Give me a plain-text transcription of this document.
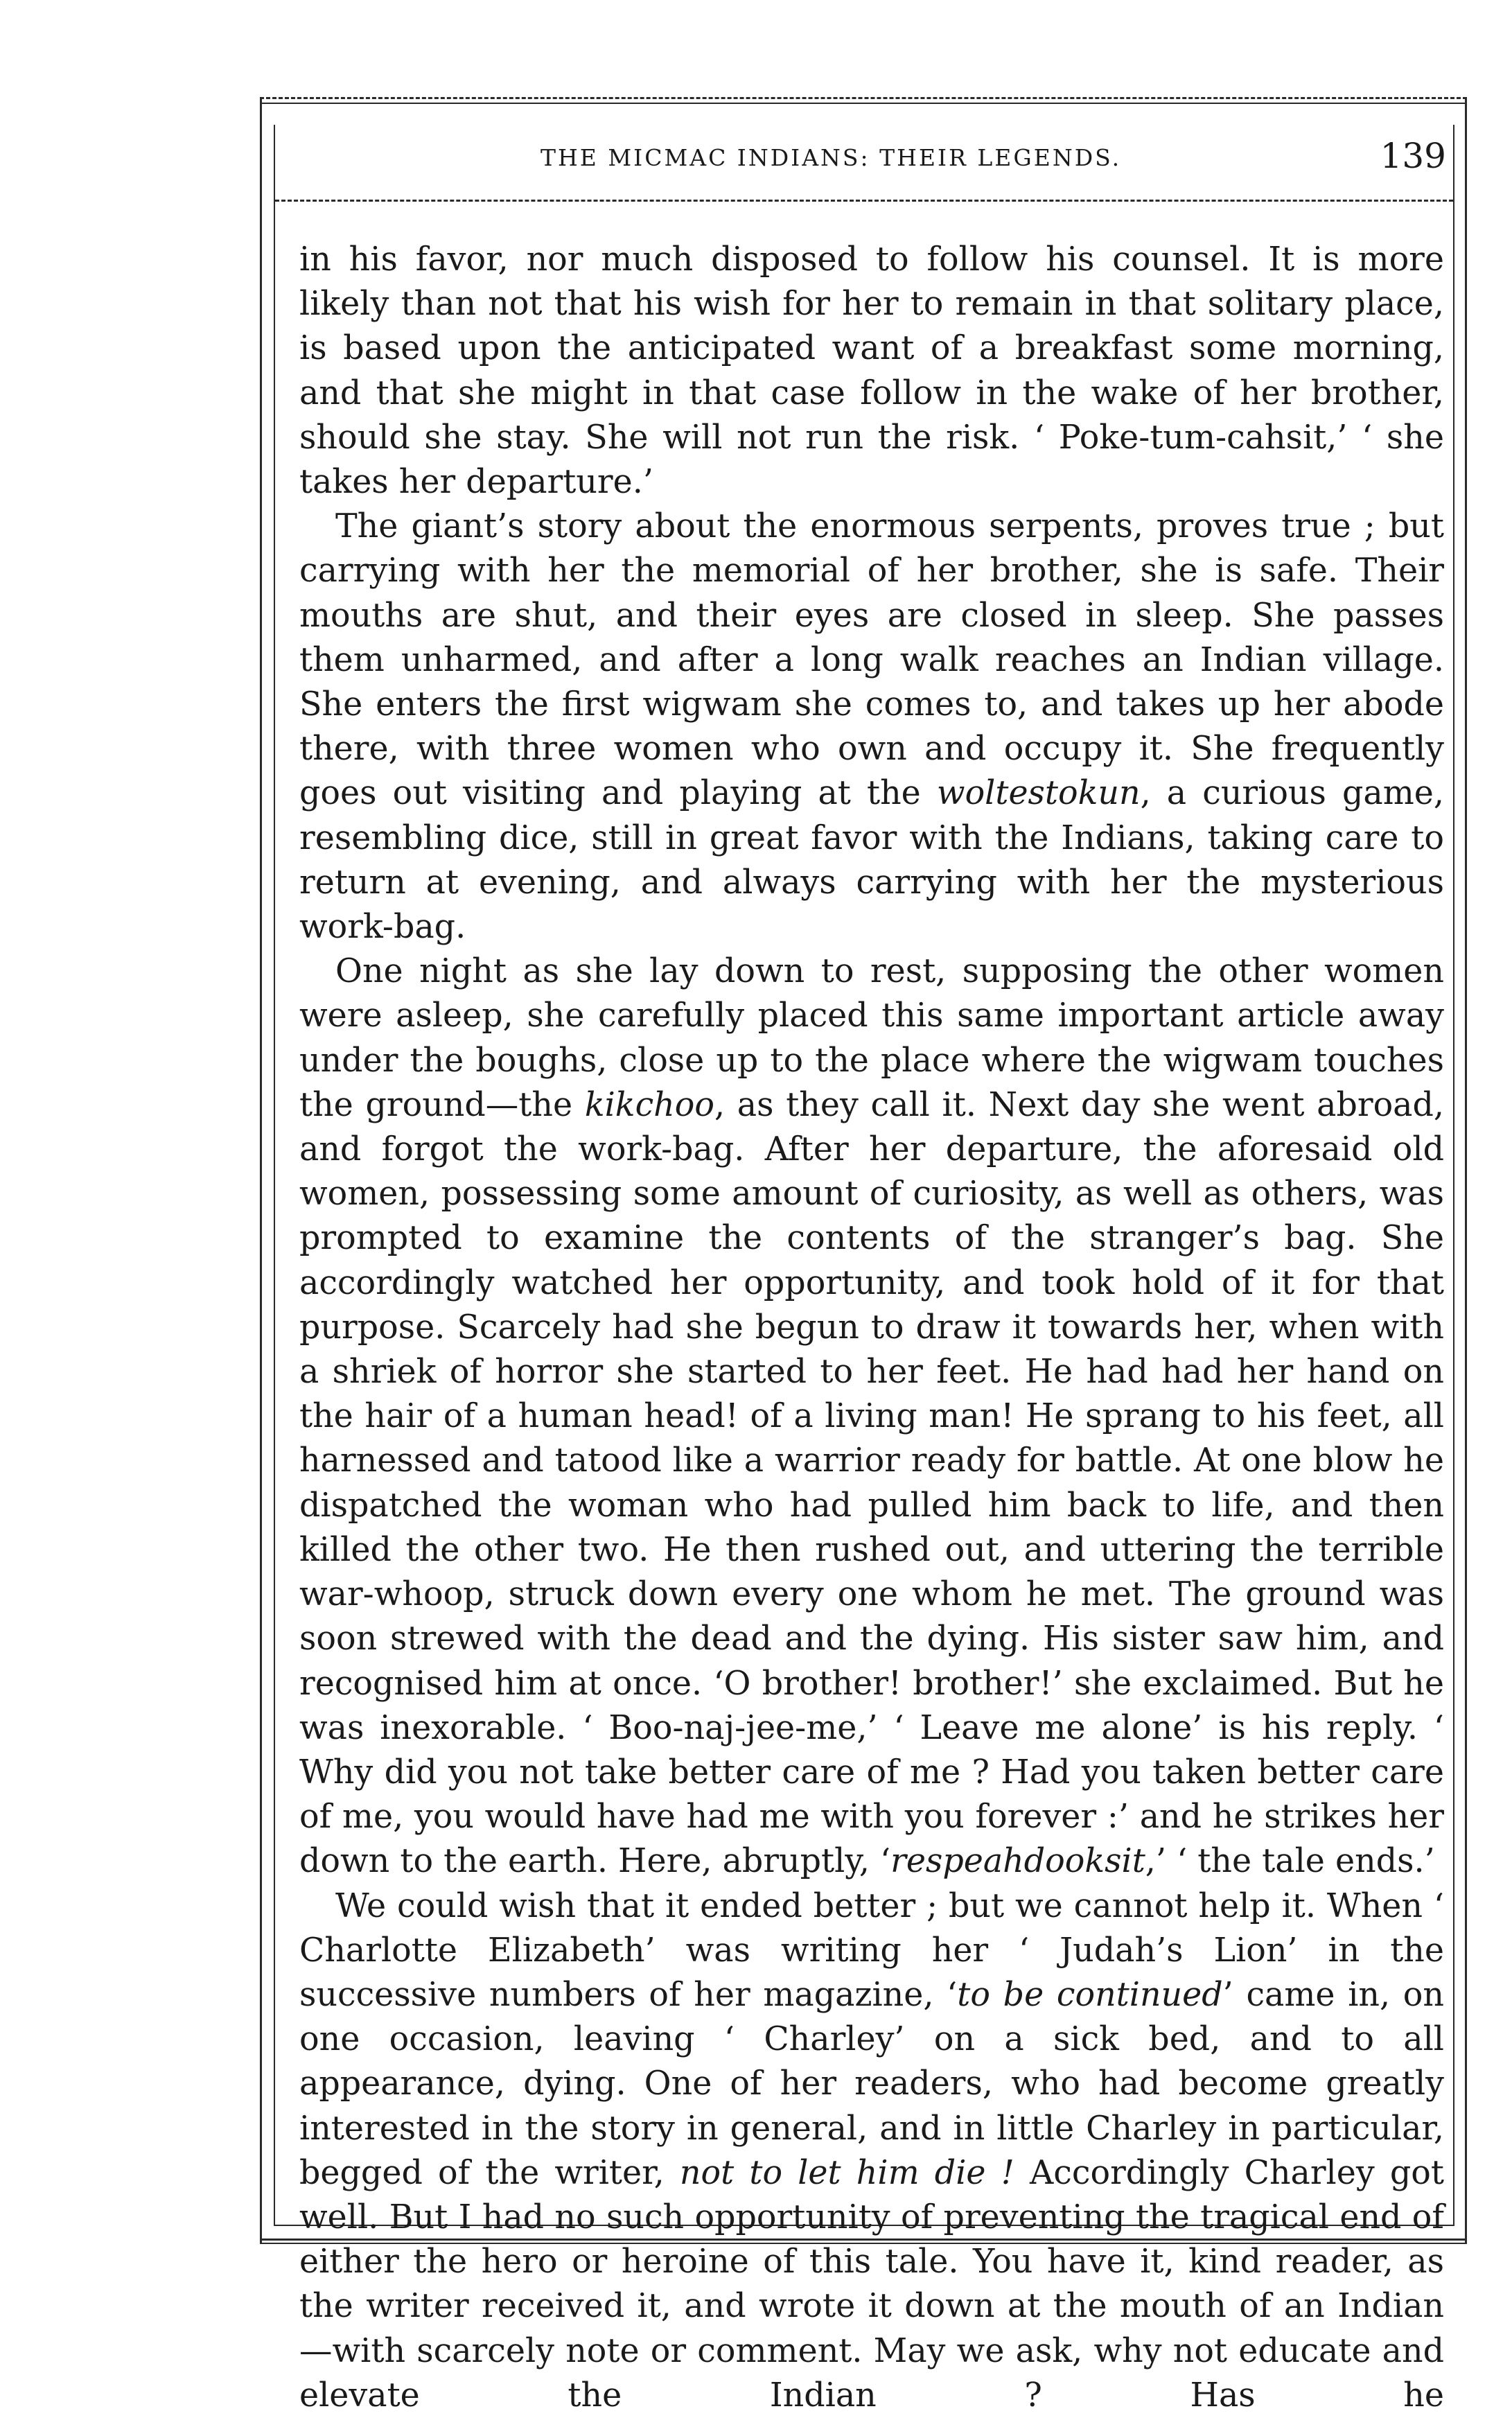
THE MICMAC INDIANS: THEIR LEGENDS.	139

in his favor, nor much disposed to follow his counsel. It is more likely than not that his wish for her to remain in that solitary place, is based upon the anticipated want of a breakfast some morning, and that she might in that case follow in the wake of her brother, should she stay. She will not run the risk. ‘ Poke-tum-cahsit,’ ‘ she takes her departure.’

The giant’s story about the enormous serpents, proves true ; but carrying with her the memorial of her brother, she is safe. Their mouths are shut, and their eyes are closed in sleep. She passes them unharmed, and after a long walk reaches an Indian village. She enters the first wigwam she comes to, and takes up her abode there, with three women who own and occupy it. She frequently goes out visiting and playing at the woltestokun, a curious game, resembling dice, still in great favor with the Indians, taking care to return at evening, and always carrying with her the mysterious work-bag.

One night as she lay down to rest, supposing the other women were asleep, she carefully placed this same important article away under the boughs, close up to the place where the wigwam touches the ground—the kikchoo, as they call it. Next day she went abroad, and forgot the work-bag. After her departure, the aforesaid old women, possessing some amount of curiosity, as well as others, was prompted to examine the contents of the stranger’s bag. She accordingly watched her opportunity, and took hold of it for that purpose. Scarcely had she begun to draw it towards her, when with a shriek of horror she started to her feet. He had had her hand on the hair of a human head! of a living man! He sprang to his feet, all harnessed and tatood like a warrior ready for battle. At one blow he dispatched the woman who had pulled him back to life, and then killed the other two. He then rushed out, and uttering the terrible war-whoop, struck down every one whom he met. The ground was soon strewed with the dead and the dying. His sister saw him, and recognised him at once. ‘O brother! brother!’ she exclaimed. But he was inexorable. ‘ Boo-naj-jee-me,’ ‘ Leave me alone’ is his reply. ‘ Why did you not take better care of me ? Had you taken better care of me, you would have had me with you forever :’ and he strikes her down to the earth. Here, abruptly, ‘respeahdooksit,’ ‘ the tale ends.’

We could wish that it ended better ; but we cannot help it. When ‘ Charlotte Elizabeth’ was writing her ‘ Judah’s Lion’ in the successive numbers of her magazine, ‘to be continued’ came in, on one occasion, leaving ‘ Charley’ on a sick bed, and to all appearance, dying. One of her readers, who had become greatly interested in the story in general, and in little Charley in particular, begged of the writer, not to let him die ! Accordingly Charley got well. But I had no such opportunity of preventing the tragical end of either the hero or heroine of this tale. You have it, kind reader, as the writer received it, and wrote it down at the mouth of an Indian—with scarcely note or comment. May we ask, why not educate and elevate the Indian ? Has he
